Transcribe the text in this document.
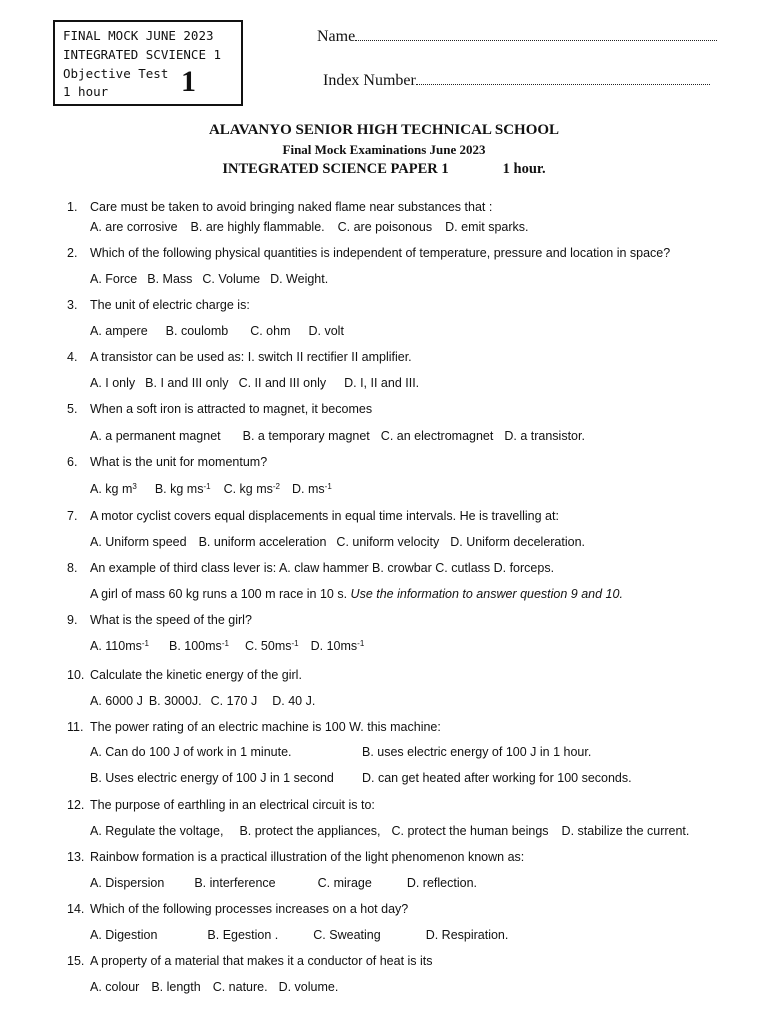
FINAL MOCK JUNE 2023
INTEGRATED SCVIENCE 1
Objective Test
1 hour 1
Name
Index Number
ALAVANYO SENIOR HIGH TECHNICAL SCHOOL
Final Mock Examinations June 2023
INTEGRATED SCIENCE PAPER 1	1 hour.
1. Care must be taken to avoid bringing naked flame near substances that :
A. are corrosive B. are highly flammable. C. are poisonous D. emit sparks.
2. Which of the following physical quantities is independent of temperature, pressure and location in space?
A. Force B. Mass C. Volume D. Weight.
3. The unit of electric charge is:
A. ampere B. coulomb C. ohm D. volt
4. A transistor can be used as: I. switch II rectifier II amplifier.
A. I only B. I and III only C. II and III only D. I, II and III.
5. When a soft iron is attracted to magnet, it becomes
A. a permanent magnet B. a temporary magnet C. an electromagnet D. a transistor.
6. What is the unit for momentum?
A. kg $m^3$ B. kg $ms^{-1}$ C. kg $ms^{-2}$ D. $ms^{-1}$
7. A motor cyclist covers equal displacements in equal time intervals. He is travelling at:
A. Uniform speed B. uniform acceleration C. uniform velocity D. Uniform deceleration.
8. An example of third class lever is: A. claw hammer B. crowbar C. cutlass D. forceps.
9. What is the speed of the girl?
A. $110ms^{-1}$ B. $100ms^{-1}$ C. $50ms^{-1}$ D. $10ms^{-1}$
10. Calculate the kinetic energy of the girl.
A. 6000 J B. 3000J. C. 170 J D. 40 J.
11. The power rating of an electric machine is 100 W. this machine:
A. Can do 100 J of work in 1 minute.	B. uses electric energy of 100 J in 1 hour.
B. Uses electric energy of 100 J in 1 second D. can get heated after working for 100 seconds.
12. The purpose of earthling in an electrical circuit is to:
A. Regulate the voltage, B. protect the appliances, C. protect the human beings D. stabilize the current.
13. Rainbow formation is a practical illustration of the light phenomenon known as:
A. Dispersion B. interference	C. mirage	D. reflection.
14. Which of the following processes increases on a hot day?
A. Digestion	B. Egestion .	C. Sweating	D. Respiration.
15. A property of a material that makes it a conductor of heat is its
A. colour B. length C. nature. D. volume.
A girl of mass 60 kg runs a 100 m race in 10 s. Use the information to answer question 9 and 10.
